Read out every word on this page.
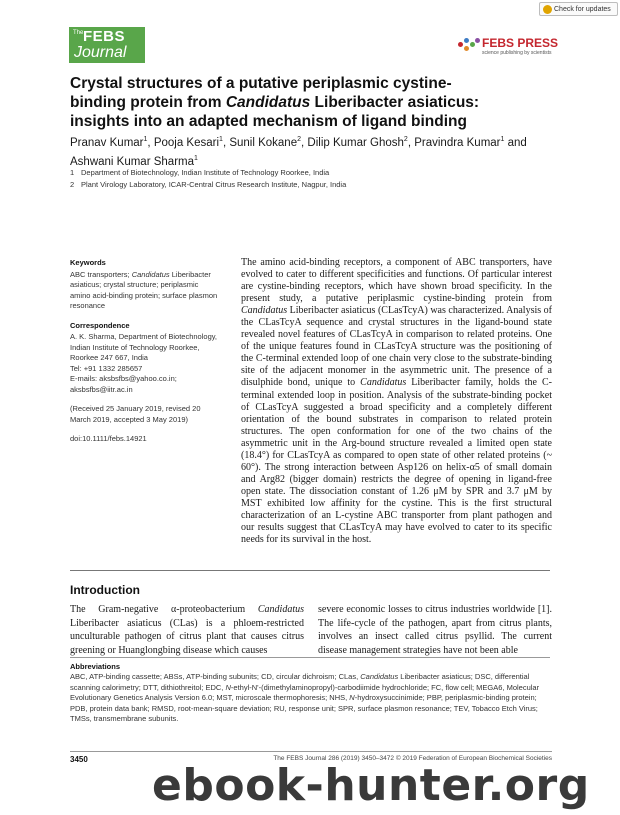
Check for updates
The FEBS
Journal
FEBS PRESS
science publishing by scientists
Crystal structures of a putative periplasmic cystine-
binding protein from Candidatus Liberibacter asiaticus:
insights into an adapted mechanism of ligand binding
Pranav Kumar$^1$, Pooja Kesari$^1$, Sunil Kokane$^2$, Dilip Kumar Ghosh$^2$, Pravindra Kumar$^1$ and
Ashwani Kumar Sharma$^1$
1 Department of Biotechnology, Indian Institute of Technology Roorkee, India
2 Plant Virology Laboratory, ICAR-Central Citrus Research Institute, Nagpur, India
Keywords
ABC transporters; Candidatus Liberibacter asiaticus; crystal structure; periplasmic amino acid-binding protein; surface plasmon resonance
Correspondence
A. K. Sharma, Department of Biotechnology,
Indian Institute of Technology Roorkee,
Roorkee 247 667, India
Tel: +91 1332 285657
E-mails: aksbsfbs@yahoo.co.in;
aksbsfbs@iitr.ac.in
(Received 25 January 2019, revised 20 March 2019, accepted 3 May 2019)
doi:10.1111/febs.14921
The amino acid-binding receptors, a component of ABC transporters, have evolved to cater to different specificities and functions. Of particular interest are cystine-binding receptors, which have shown broad specificity. In the present study, a putative periplasmic cystine-binding protein from Candidatus Liberibacter asiaticus (CLasTcyA) was characterized. Analysis of the CLasTcyA sequence and crystal structures in the ligand-bound state revealed novel features of CLasTcyA in comparison to related proteins. One of the unique features found in CLasTcyA structure was the positioning of the C-terminal extended loop of one chain very close to the substrate-binding site of the adjacent monomer in the asymmetric unit. The presence of a disulphide bond, unique to Candidatus Liberibacter family, holds the C-terminal extended loop in position. Analysis of the substrate-binding pocket of CLasTcyA suggested a broad specificity and a completely different orientation of the bound substrates in comparison to related protein structures. The open conformation for one of the two chains of the asymmetric unit in the Arg-bound structure revealed a limited open state (18.4°) for CLasTcyA as compared to open state of other related proteins (~ 60°). The strong interaction between Asp126 on helix-α5 of small domain and Arg82 (bigger domain) restricts the degree of opening in ligand-free open state. The dissociation constant of 1.26 μM by SPR and 3.7 μM by MST exhibited low affinity for the cystine. This is the first structural characterization of an L-cystine ABC transporter from plant pathogen and our results suggest that CLasTcyA may have evolved to cater to its specific needs for its survival in the host.
Introduction
The Gram-negative α-proteobacterium Candidatus Liberibacter asiaticus (CLas) is a phloem-restricted unculturable pathogen of citrus plant that causes citrus greening or Huanglongbing disease which causes
severe economic losses to citrus industries worldwide [1]. The life-cycle of the pathogen, apart from citrus plants, involves an insect called citrus psyllid. The current disease management strategies have not been able
Abbreviations
ABC, ATP-binding cassette; ABSs, ATP-binding subunits; CD, circular dichroism; CLas, Candidatus Liberibacter asiaticus; DSC, differential scanning calorimetry; DTT, dithiothreitol; EDC, N-ethyl-N'-(dimethylaminopropyl)-carbodiimide hydrochloride; FC, flow cell; MEGA6, Molecular Evolutionary Genetics Analysis Version 6.0; MST, microscale thermophoresis; NHS, N-hydroxysuccinimide; PBP, periplasmic-binding protein; PDB, protein data bank; RMSD, root-mean-square deviation; RU, response unit; SPR, surface plasmon resonance; TEV, Tobacco Etch Virus; TMSs, transmembrane subunits.
3450	The FEBS Journal 286 (2019) 3450–3472 © 2019 Federation of European Biochemical Societies
ebook-hunter.org
